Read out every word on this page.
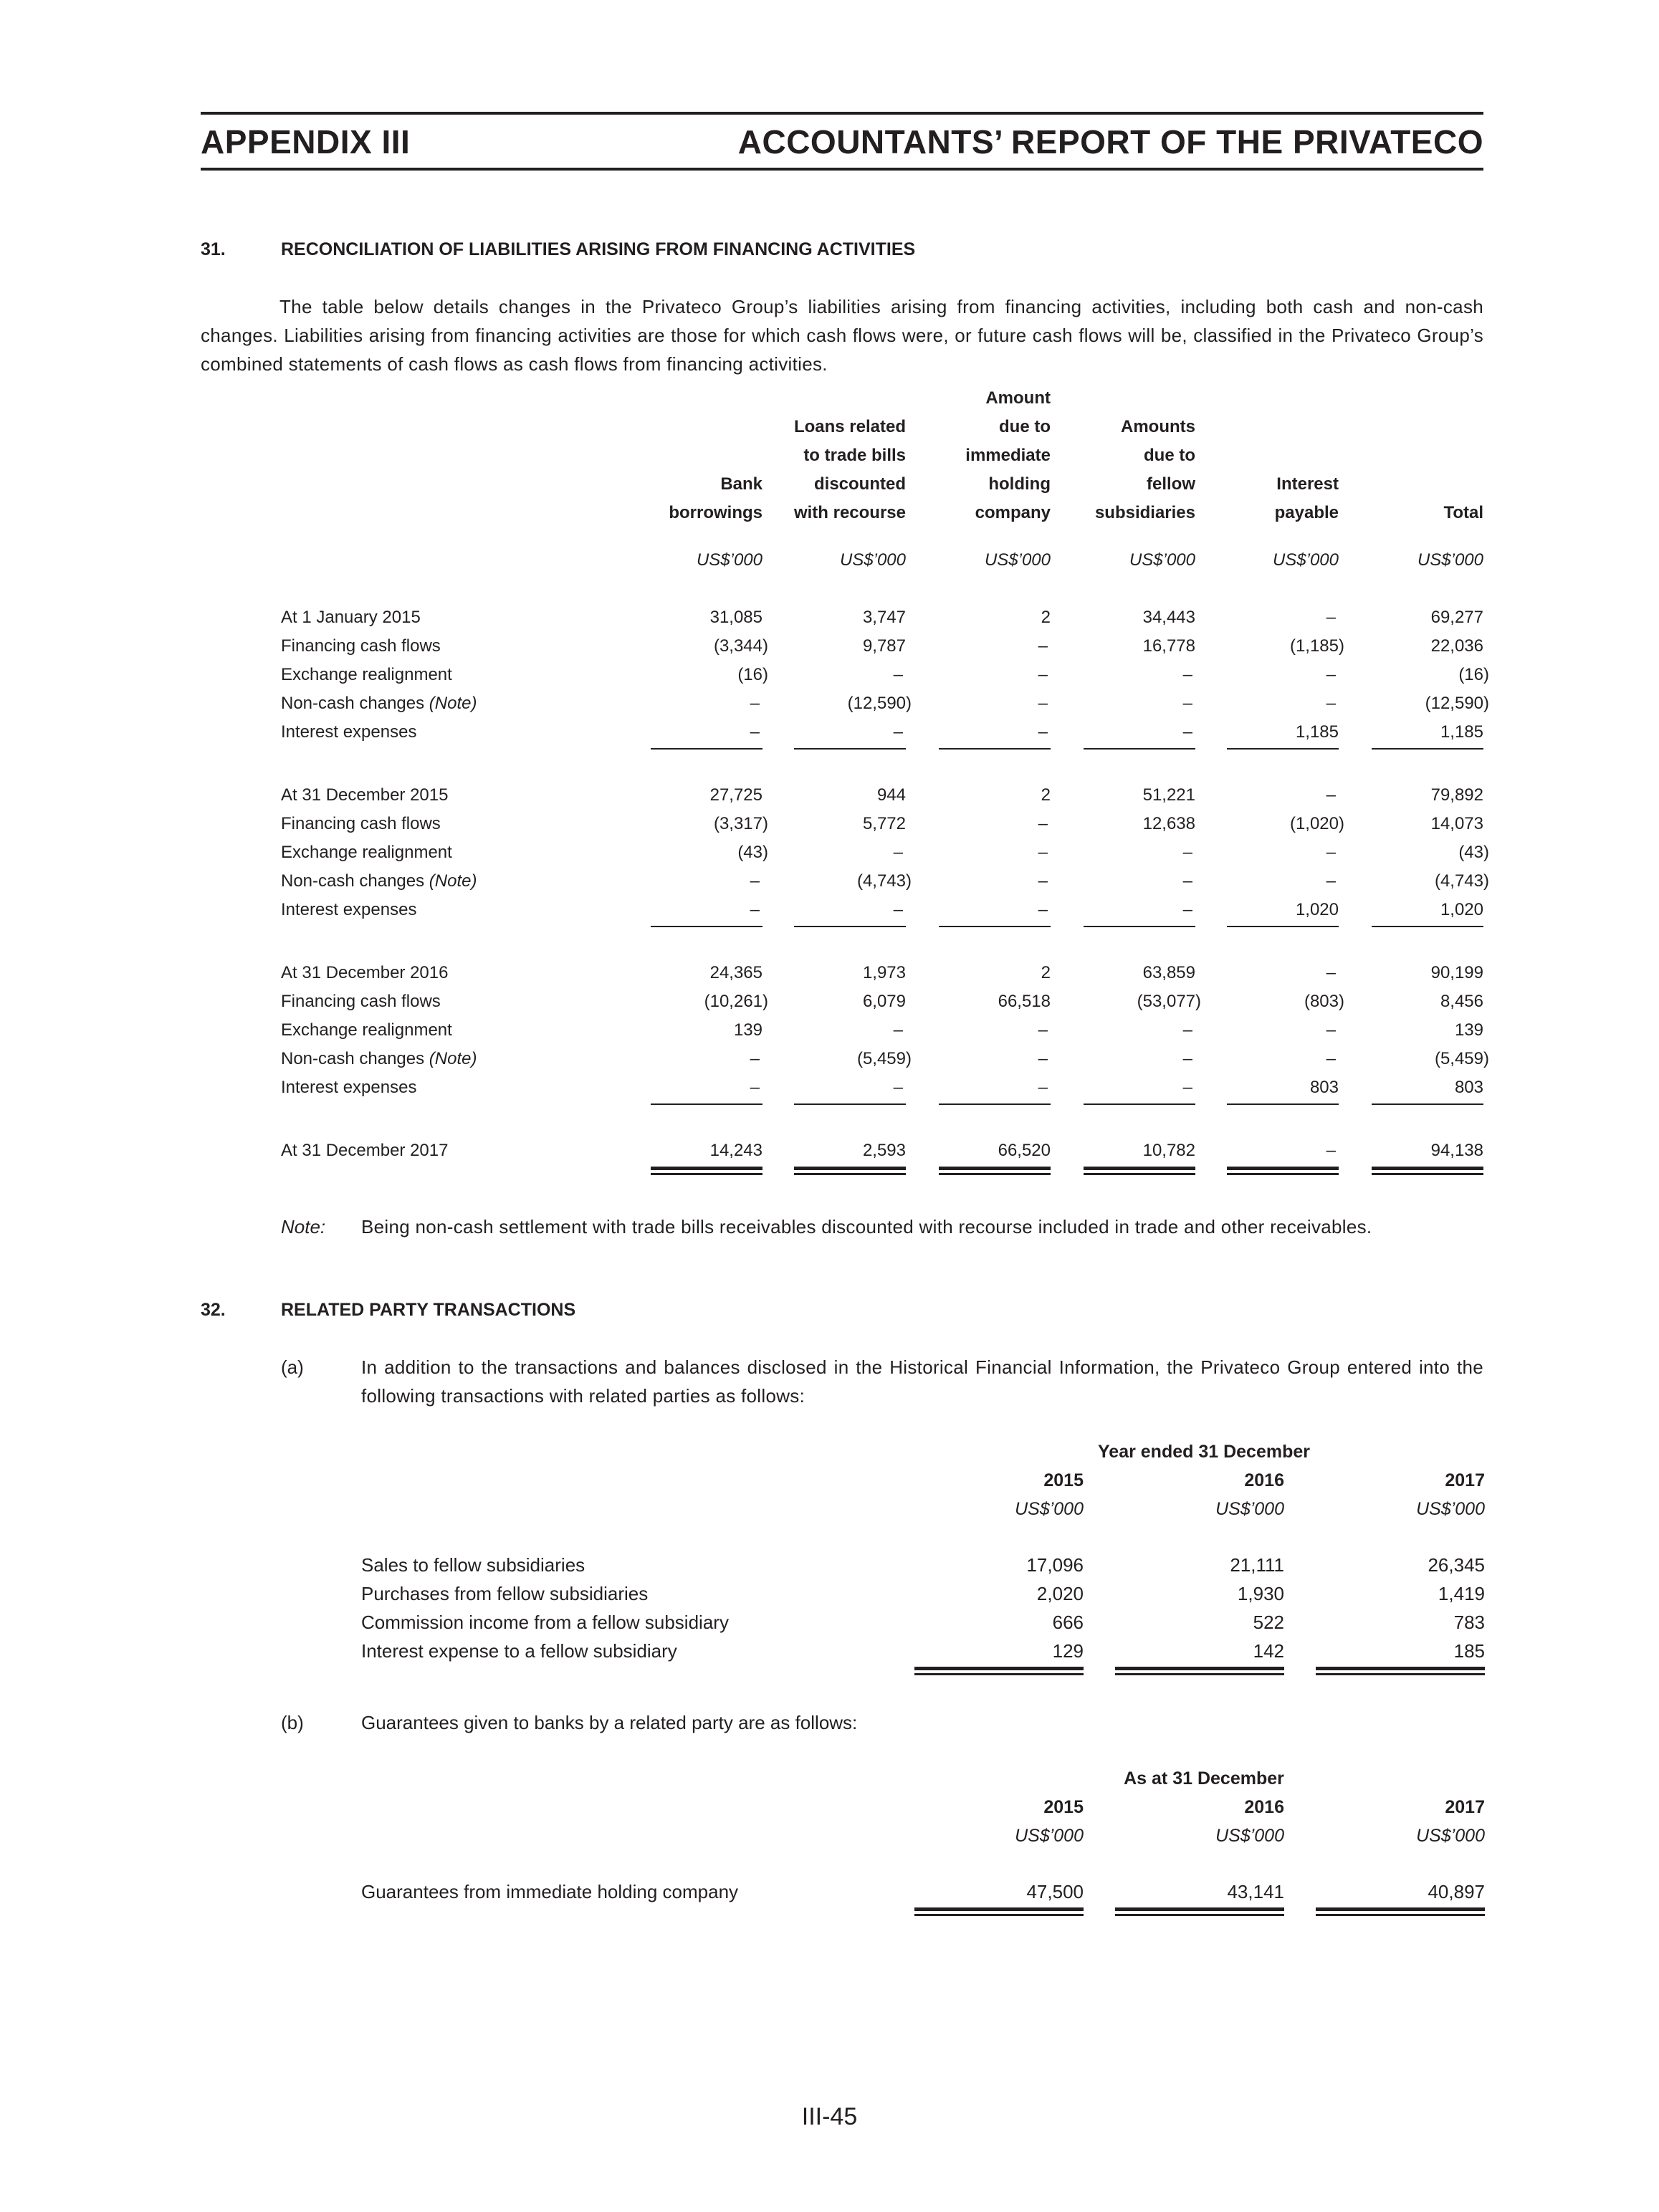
APPENDIX III	ACCOUNTANTS’ REPORT OF THE PRIVATECO
31.	RECONCILIATION OF LIABILITIES ARISING FROM FINANCING ACTIVITIES
The table below details changes in the Privateco Group’s liabilities arising from financing activities, including both cash and non-cash changes. Liabilities arising from financing activities are those for which cash flows were, or future cash flows will be, classified in the Privateco Group’s combined statements of cash flows as cash flows from financing activities.
Bank
borrowings
US$’000
Loans related
to trade bills
discounted
with recourse
US$’000
Amount
due to
immediate
holding
company
US$’000
Amounts
due to
fellow
subsidiaries
US$’000
Interest
payable
US$’000
Total
US$’000
At 1 January 2015	31,085	3,747	2	34,443	–	69,277
Financing cash flows	(3,344)	9,787	–	16,778	(1,185)	22,036
Exchange realignment	(16)	–	–	–	–	(16)
Non-cash changes (Note)	–	(12,590)	–	–	–	(12,590)
Interest expenses	–	–	–	–	1,185	1,185
At 31 December 2015	27,725	944	2	51,221	–	79,892
Financing cash flows	(3,317)	5,772	–	12,638	(1,020)	14,073
Exchange realignment	(43)	–	–	–	–	(43)
Non-cash changes (Note)	–	(4,743)	–	–	–	(4,743)
Interest expenses	–	–	–	–	1,020	1,020
At 31 December 2016	24,365	1,973	2	63,859	–	90,199
Financing cash flows	(10,261)	6,079	66,518	(53,077)	(803)	8,456
Exchange realignment	139	–	–	–	–	139
Non-cash changes (Note)	–	(5,459)	–	–	–	(5,459)
Interest expenses	–	–	–	–	803	803
At 31 December 2017	14,243	2,593	66,520	10,782	–	94,138
Note: Being non-cash settlement with trade bills receivables discounted with recourse included in trade and other receivables.
32.	RELATED PARTY TRANSACTIONS
(a)	In addition to the transactions and balances disclosed in the Historical Financial Information, the Privateco Group entered into the following transactions with related parties as follows:
Year ended 31 December
2015
US$’000
2016
US$’000
2017
US$’000
Sales to fellow subsidiaries	17,096	21,111	26,345
Purchases from fellow subsidiaries	2,020	1,930	1,419
Commission income from a fellow subsidiary	666	522	783
Interest expense to a fellow subsidiary	129	142	185
(b)	Guarantees given to banks by a related party are as follows:
As at 31 December
2015
US$’000
2016
US$’000
2017
US$’000
Guarantees from immediate holding company	47,500	43,141	40,897
III-45
